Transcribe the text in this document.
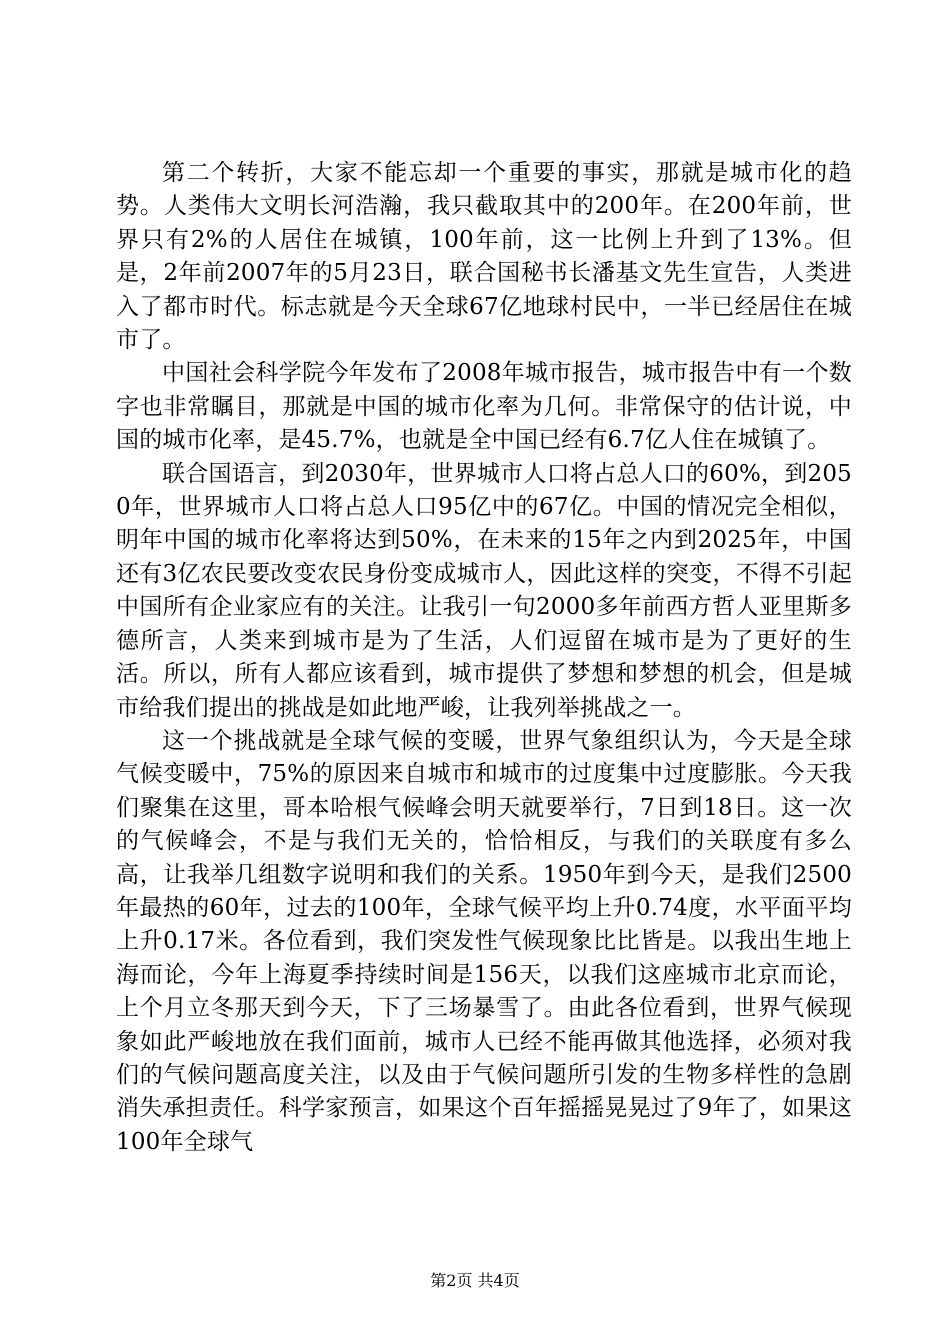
第二个转折，大家不能忘却一个重要的事实，那就是城市化的趋势。人类伟大文明长河浩瀚，我只截取其中的200年。在200年前，世界只有2%的人居住在城镇，100年前，这一比例上升到了13%。但是，2年前2007年的5月23日，联合国秘书长潘基文先生宣告，人类进入了都市时代。标志就是今天全球67亿地球村民中，一半已经居住在城市了。

中国社会科学院今年发布了2008年城市报告，城市报告中有一个数字也非常瞩目，那就是中国的城市化率为几何。非常保守的估计说，中国的城市化率，是45.7%，也就是全中国已经有6.7亿人住在城镇了。

联合国语言，到2030年，世界城市人口将占总人口的60%，到2050年，世界城市人口将占总人口95亿中的67亿。中国的情况完全相似，明年中国的城市化率将达到50%，在未来的15年之内到2025年，中国还有3亿农民要改变农民身份变成城市人，因此这样的突变，不得不引起中国所有企业家应有的关注。让我引一句2000多年前西方哲人亚里斯多德所言，人类来到城市是为了生活，人们逗留在城市是为了更好的生活。所以，所有人都应该看到，城市提供了梦想和梦想的机会，但是城市给我们提出的挑战是如此地严峻，让我列举挑战之一。

这一个挑战就是全球气候的变暖，世界气象组织认为，今天是全球气候变暖中，75%的原因来自城市和城市的过度集中过度膨胀。今天我们聚集在这里，哥本哈根气候峰会明天就要举行，7日到18日。这一次的气候峰会，不是与我们无关的，恰恰相反，与我们的关联度有多么高，让我举几组数字说明和我们的关系。1950年到今天，是我们2500年最热的60年，过去的100年，全球气候平均上升0.74度，水平面平均上升0.17米。各位看到，我们突发性气候现象比比皆是。以我出生地上海而论，今年上海夏季持续时间是156天，以我们这座城市北京而论，上个月立冬那天到今天，下了三场暴雪了。由此各位看到，世界气候现象如此严峻地放在我们面前，城市人已经不能再做其他选择，必须对我们的气候问题高度关注，以及由于气候问题所引发的生物多样性的急剧消失承担责任。科学家预言，如果这个百年摇摇晃晃过了9年了，如果这100年全球气

第2页 共4页
